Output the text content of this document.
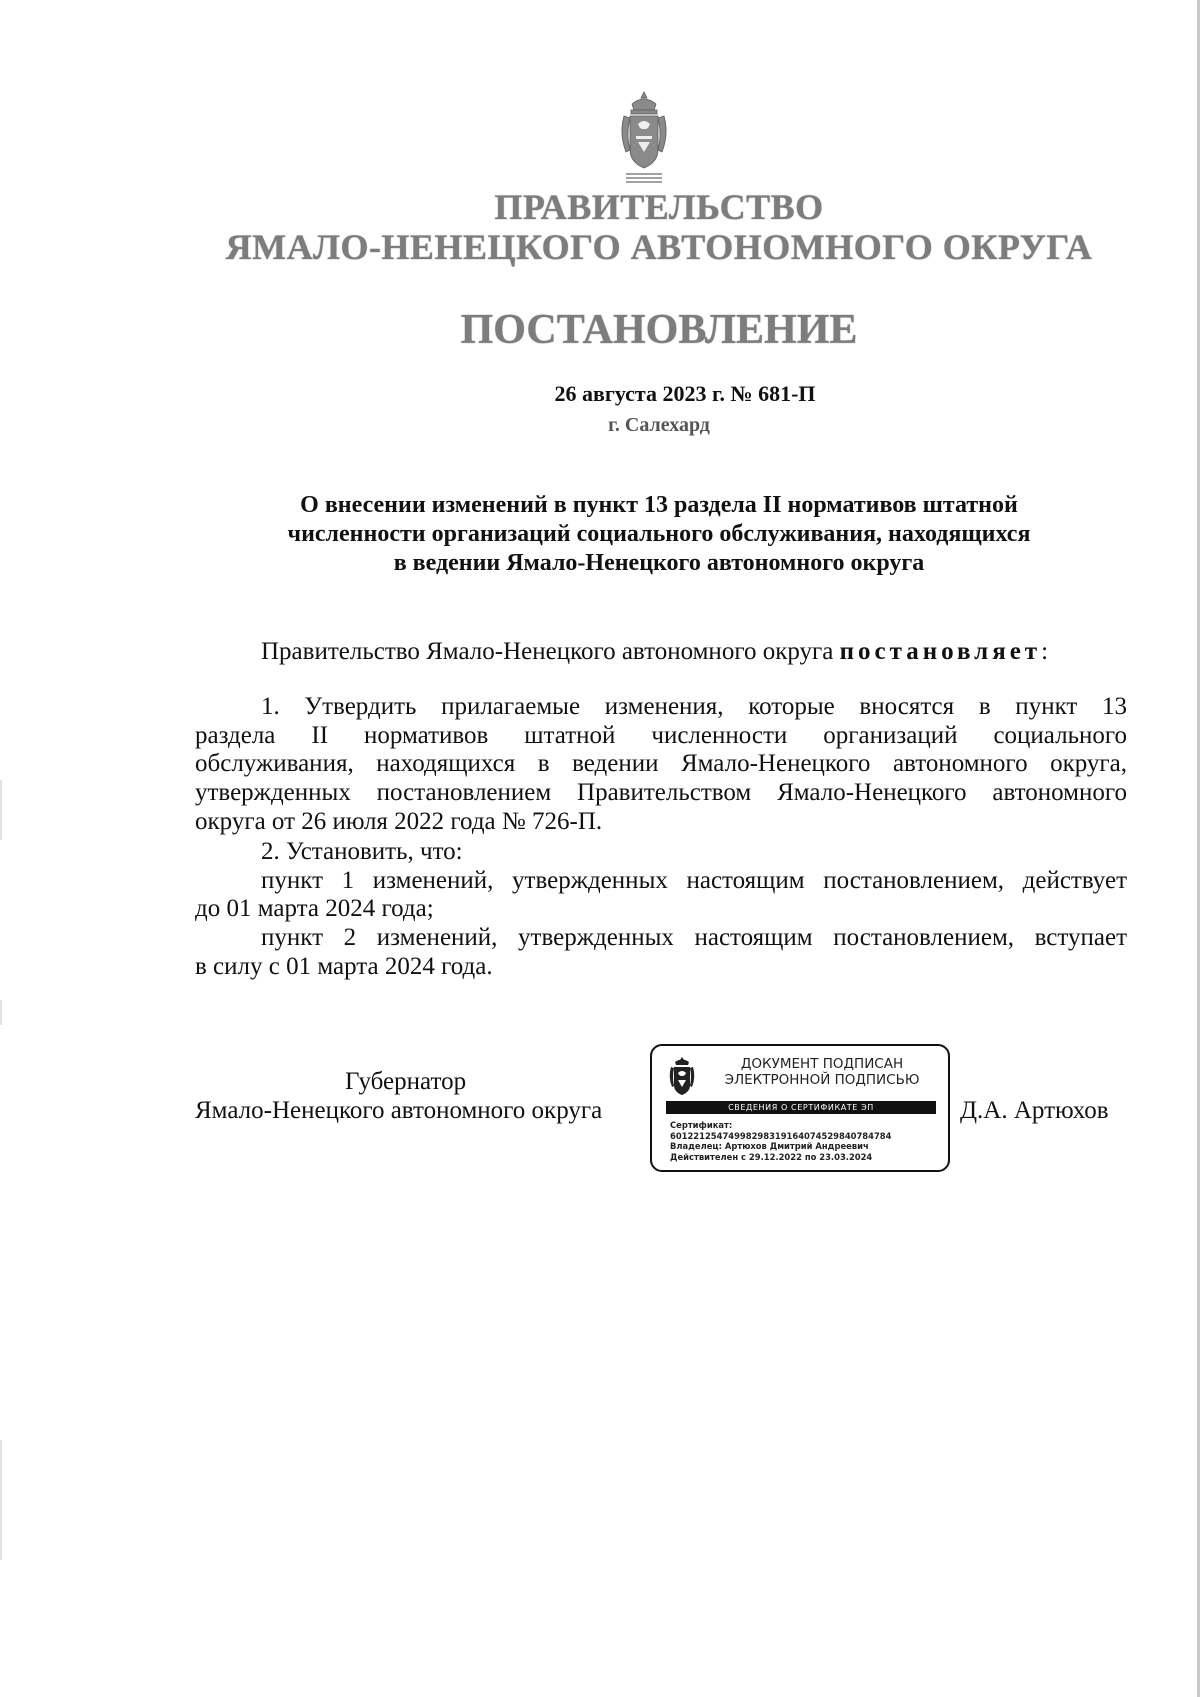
ПРАВИТЕЛЬСТВО
ЯМАЛО-НЕНЕЦКОГО АВТОНОМНОГО ОКРУГА
ПОСТАНОВЛЕНИЕ
26 августа 2023 г. № 681-П
г. Салехард
О внесении изменений в пункт 13 раздела II нормативов штатной
численности организаций социального обслуживания, находящихся
в ведении Ямало-Ненецкого автономного округа
Правительство Ямало-Ненецкого автономного округа постановляет:
1. Утвердить прилагаемые изменения, которые вносятся в пункт 13
раздела II нормативов штатной численности организаций социального
обслуживания, находящихся в ведении Ямало-Ненецкого автономного округа,
утвержденных постановлением Правительством Ямало-Ненецкого автономного
округа от 26 июля 2022 года № 726-П.
2. Установить, что:
пункт 1 изменений, утвержденных настоящим постановлением, действует
до 01 марта 2024 года;
пункт 2 изменений, утвержденных настоящим постановлением, вступает
в силу с 01 марта 2024 года.
Губернатор
Ямало-Ненецкого автономного округа	Д.А. Артюхов
ДОКУМЕНТ ПОДПИСАН
ЭЛЕКТРОННОЙ ПОДПИСЬЮ
СВЕДЕНИЯ О СЕРТИФИКАТЕ ЭП
Сертификат:
60122125474998298319164074529840784784
Владелец: Артюхов Дмитрий Андреевич
Действителен с 29.12.2022 по 23.03.2024
